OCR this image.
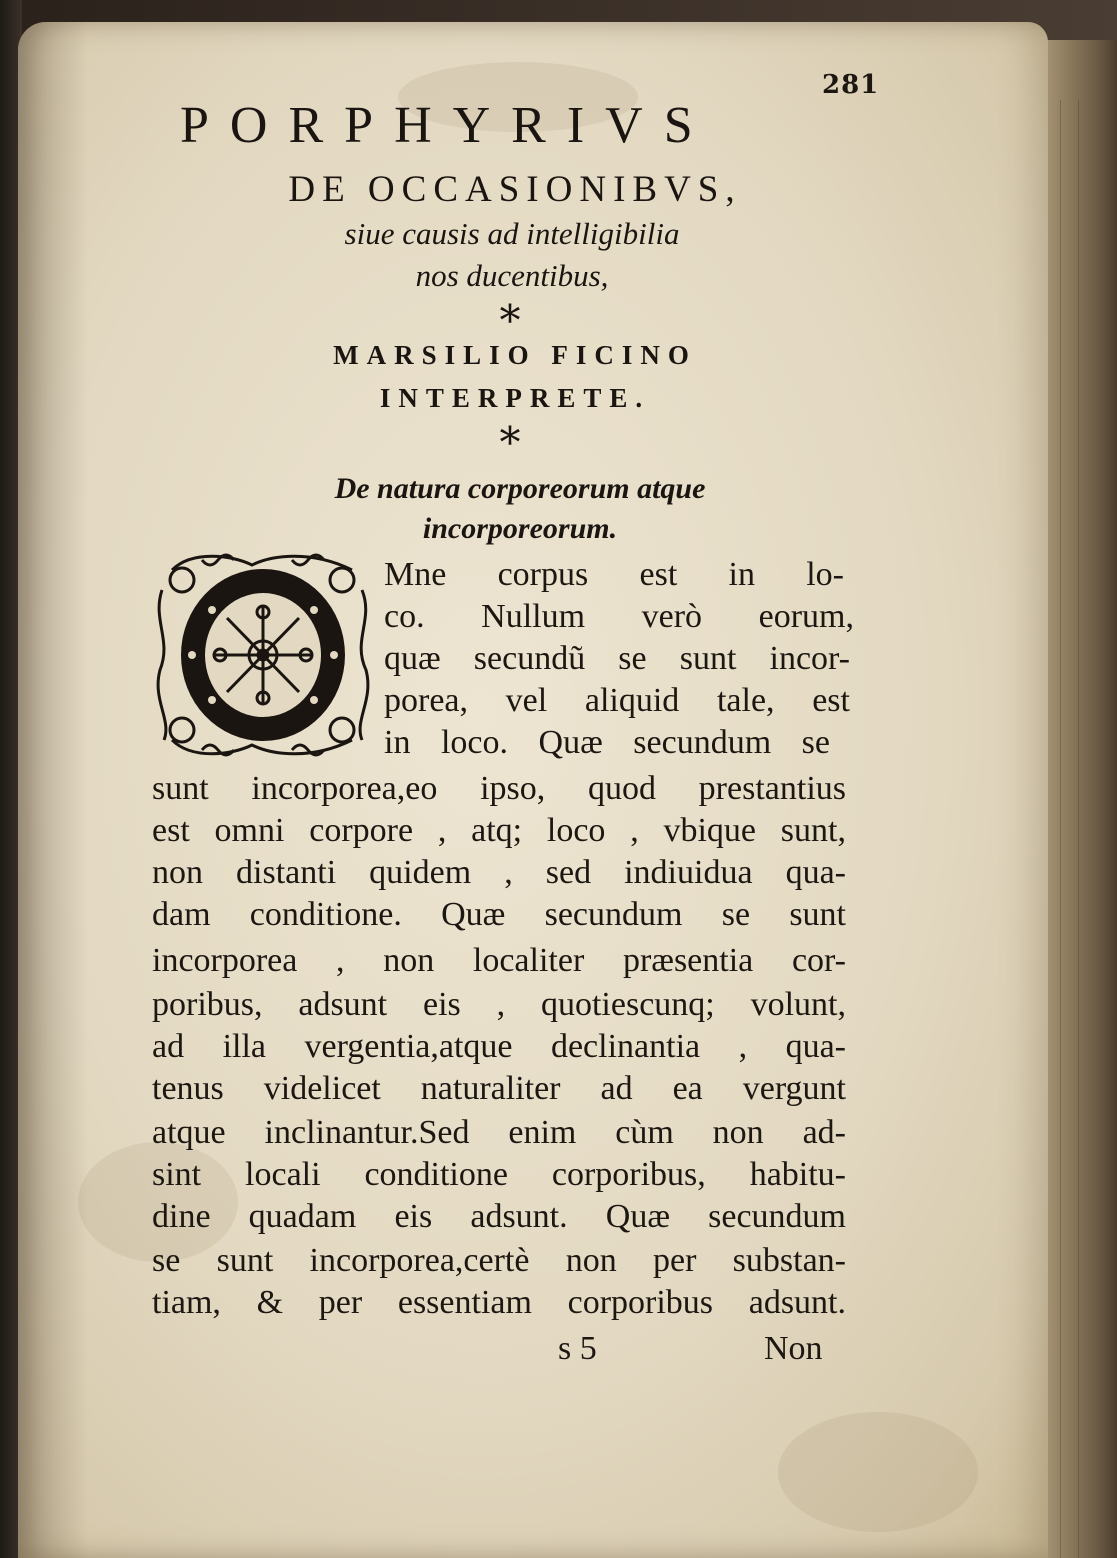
281
PORPHYRIVS
DE OCCASIONIBVS,
siue causis ad intelligibilia
nos ducentibus,
*
MARSILIO FICINO
INTERPRETE.
*
De natura corporeorum atque
incorporeorum.
Mne corpus est in lo-
co. Nullum verò eorum,
quæ secundũ se sunt incor-
porea, vel aliquid tale, est
in loco. Quæ secundum se
sunt incorporea,eo ipso, quod prestantius
est omni corpore , atq; loco , vbique sunt,
non distanti quidem , sed indiuidua qua-
dam conditione. Quæ secundum se sunt
incorporea , non localiter præsentia cor-
poribus, adsunt eis , quotiescunq; volunt,
ad illa vergentia,atque declinantia , qua-
tenus videlicet naturaliter ad ea vergunt
atque inclinantur.Sed enim cùm non ad-
sint locali conditione corporibus, habitu-
dine quadam eis adsunt. Quæ secundum
se sunt incorporea,certè non per substan-
tiam, & per essentiam corporibus adsunt.
s 5	Non
